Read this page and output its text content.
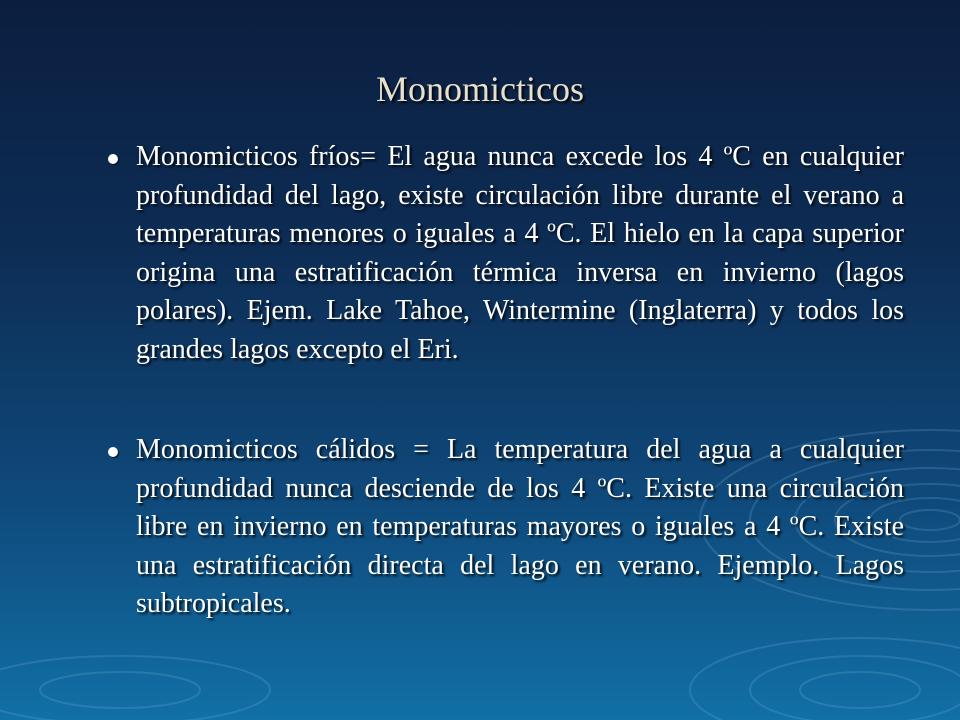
Monomicticos
Monomicticos fríos= El agua nunca excede los 4 ºC en cualquier profundidad del lago, existe circulación libre durante el verano a temperaturas menores o iguales a 4 ºC. El hielo en la capa superior origina una estratificación térmica inversa en invierno (lagos polares). Ejem. Lake Tahoe, Wintermine (Inglaterra) y todos los grandes lagos excepto el Eri.
Monomicticos cálidos = La temperatura del agua a cualquier profundidad nunca desciende de los 4 ºC. Existe una circulación libre en invierno en temperaturas mayores o iguales a 4 ºC. Existe una estratificación directa del lago en verano. Ejemplo. Lagos subtropicales.
